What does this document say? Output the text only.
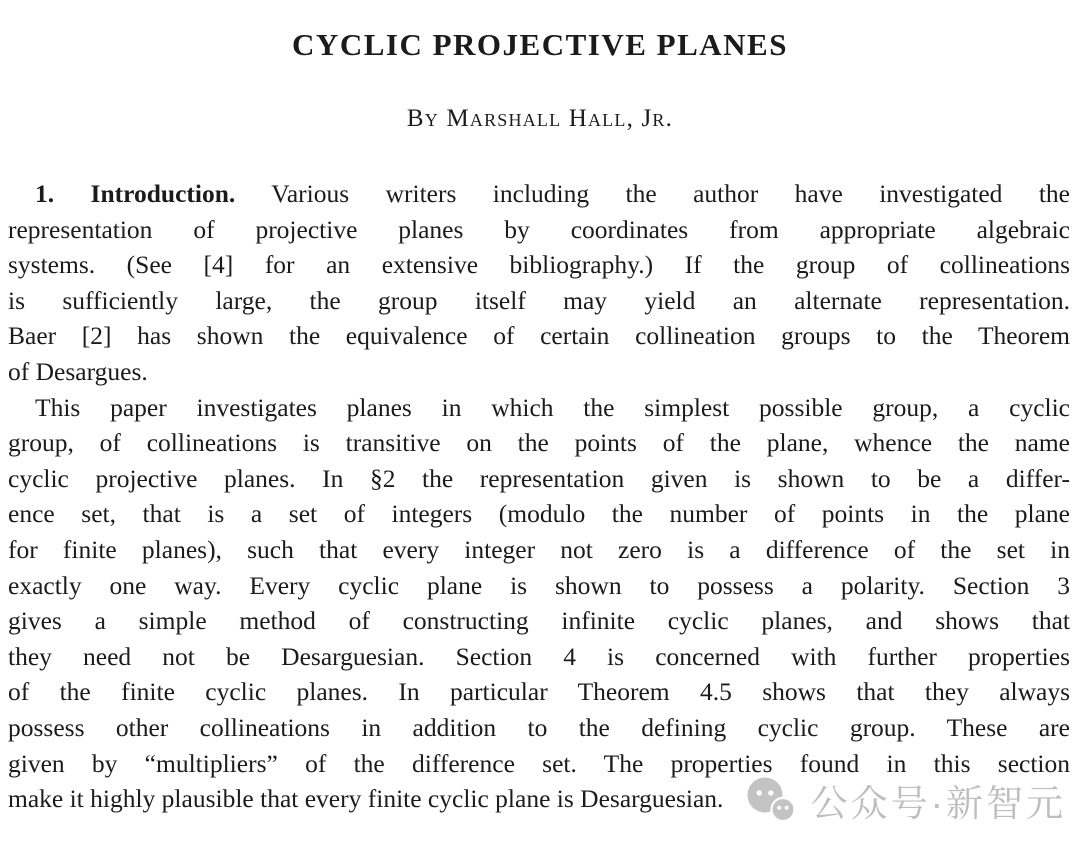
CYCLIC PROJECTIVE PLANES
By Marshall Hall, Jr.
1. Introduction. Various writers including the author have investigated the
representation of projective planes by coordinates from appropriate algebraic
systems. (See [4] for an extensive bibliography.) If the group of collineations
is sufficiently large, the group itself may yield an alternate representation.
Baer [2] has shown the equivalence of certain collineation groups to the Theorem
of Desargues.
This paper investigates planes in which the simplest possible group, a cyclic
group, of collineations is transitive on the points of the plane, whence the name
cyclic projective planes. In §2 the representation given is shown to be a differ-
ence set, that is a set of integers (modulo the number of points in the plane
for finite planes), such that every integer not zero is a difference of the set in
exactly one way. Every cyclic plane is shown to possess a polarity. Section 3
gives a simple method of constructing infinite cyclic planes, and shows that
they need not be Desarguesian. Section 4 is concerned with further properties
of the finite cyclic planes. In particular Theorem 4.5 shows that they always
possess other collineations in addition to the defining cyclic group. These are
given by “multipliers” of the difference set. The properties found in this section
make it highly plausible that every finite cyclic plane is Desarguesian.	公众号·新智元
